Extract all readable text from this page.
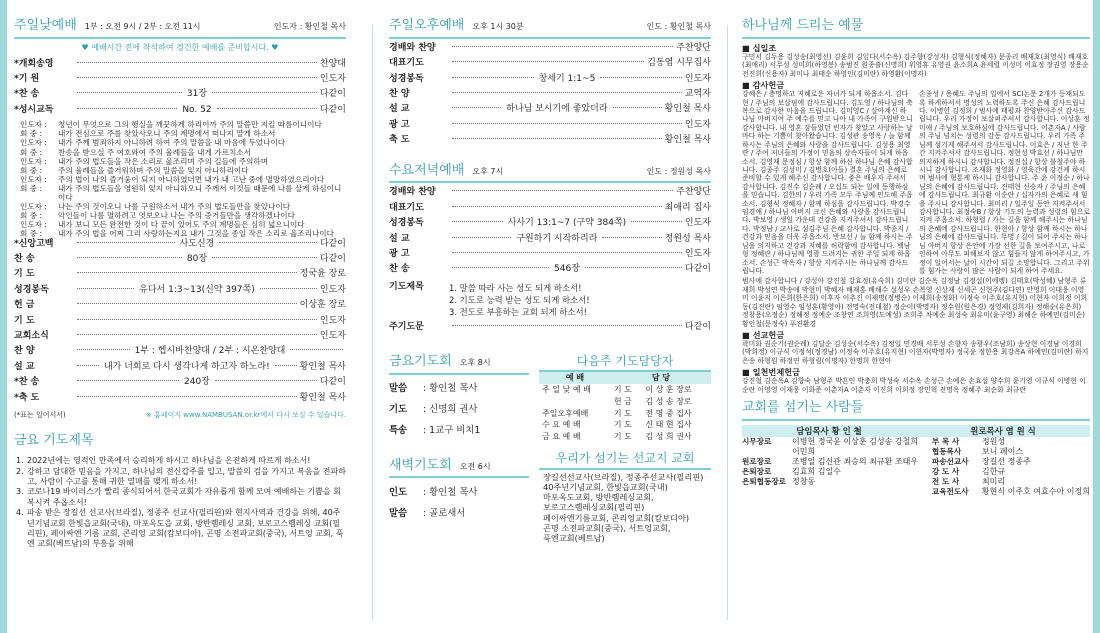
주일낮예배 1부 : 오전 9시 / 2부 : 오전 11시	인도자 : 황인철 목사
♥ 예배시간 전에 착석하여 경건한 예배를 준비합시다. ♥
*개회송영	찬양대
*기 원	인도자
*찬 송	31장	다같이
*성시교독	No. 52	다같이

인도자 :	청년이 무엇으로 그의 행실을 깨끗하게 하리이까 주의 말씀만 지킬 따름이니이다

회 중 :	내가 전심으로 주를 찾았사오니 주의 계명에서 떠나지 말게 하소서

인도자 :	내가 주께 범죄하지 아니하려 하여 주의 말씀을 내 마음에 두었나이다

회 중 :	찬송을 받으실 주 여호와여 주의 율례들을 내게 가르치소서

인도자 :	내가 주의 법도들을 작은 소리로 읊조리며 주의 길들에 주의하며

회 중 :	주의 율례들을 즐거워하며 주의 말씀을 잊지 아니하리이다

인도자 :	주의 법이 나의 즐거움이 되지 아니하였더면 내가 내 고난 중에 멸망하였으리이다

회 중 :	내가 주의 법도들을 영원히 잊지 아니하오니 주께서 이것들 때문에 나를 살게 하심이니이다

인도자 :	나는 주의 것이오니 나를 구원하소서 내가 주의 법도들만을 찾았나이다

회 중 :	악인들이 나를 멸하려고 엿보오나 나는 주의 증거들만을 생각하겠나이다

인도자 :	내가 보니 모든 완전한 것이 다 끝이 있어도 주의 계명들은 심히 넓으니이다

회 중 :	내가 주의 법을 어찌 그리 사랑하는지요 내가 그것을 종일 작은 소리로 읊조리나이다

*신앙고백	사도신경	다같이
찬 송	80장	다같이
기 도	정국윤 장로
성경봉독	유다서 1:3~13(신약 397쪽)	인도자
헌 금	이상훈 장로
기 도	인도자
교회소식	인도자
찬 양	1부 : 헵시바찬양대 / 2부 : 시온찬양대
설 교	내가 너희로 다시 생각나게 하고자 하노라!	황인철 목사
*찬 송	240장	다같이
*축 도	황인철 목사
(*표는 일어서서)	※ 홈페이지 www.NAMBUSAN.or.kr에서 다시 보실 수 있습니다.
금요 기도제목
1. 2022년에는 영적인 만족에서 승리하게 하시고 하나님을 온전하게 따르게 하소서!
2. 강하고 담대한 믿음을 가지고, 하나님의 전신갑주를 입고, 말씀의 검을 가지고 복음을 전파하고, 사람이 수고를 통해 귀한 열매를 맺게 하소서!
3. 코로나19 바이러스가 빨리 종식되어서 한국교회가 자유롭게 함께 모여 예배하는 기쁨을 회복시켜 주옵소서!
4. 파송 받은 장길선 선교사(브라질), 정종주 선교사(필리핀)와 현지사역과 건강을 위해, 40주년기념교회 한빛읍교회(국내), 마포옥도읍 교회, 방반롐레싱 교회, 보로고스롐레싱 교회(필리핀), 페이싸엔 기름 교회, 콘리엉 교회(캄보디아), 곤명 소전파교회(중국), 서트엉 교회, 푹엔 교회(베트남)의 부흥을 위해
주일오후예배 오후 1시 30분	인도 : 황인철 목사
경배와 찬양	주찬양단
대표기도	김동엽 시무집사
성경봉독	창세기 1:1~5	인도자
찬 양	교역자
설 교	하나님 보시기에 좋았더라	황인철 목사
광 고	인도자
축 도	황인철 목사
수요저녁예배 오후 7시	인도 : 정원성 목사
경배와 찬양	주찬양단
대표기도	최애리 집사
성경봉독	사사기 13:1~7 (구약 384쪽)	인도자
설 교	구원하기 시작하리라	정원성 목사
광 고	인도자
찬 송	546장	다같이
기도제목	1. 말씀 따라 사는 성도 되게 하소서!
2. 기도로 능력 받는 성도 되게 하소서!
3. 전도로 부흥하는 교회 되게 하소서!
주기도문	다같이
금요기도회 오후 8시
말씀	: 황인철 목사
기도	: 신명희 권사
특송	: 1교구 비치1
새벽기도회 오전 6시
인도	: 황인철 목사
말씀	: 골로새서
다음주 기도담당자
예 배	담 당	
주 일 낮 예 배	기 도	이 상 훈 장로
	헌 금	김 성 송 장로
주일오후예배	기 도	전 명 중 집사
수 요 예 배	기 도	신 태 현 집사
금 요 예 배	기 도	김 성 희 권사
우리가 섬기는 선교지 교회
장길선선교사(브라질), 정종주선교사(필리핀)
40주년기념교회, 한빛읍교회(국내)
마포옥도교회, 방반롐레싱교회,
보로고스롐레싱교회(필리핀)
페이싸엔기름교회, 콘리엉교회(캄보디아)
곤명 소전파교회(중국), 서트엉교회,
푹엔교회(베트남)
하나님께 드리는 예물
■ 십일조
구민서 김두용 김성송(최영선) 김윤희 김잎다(서수옥) 김주향(강성자) 김형식(정혜자) 문종리 배재호(최영식) 배재호(최애리) 서무성 성미희(하영봉) 송범진 원종출(신명희) 위영휴 유영권 윤소희A 윤세렬 이성미 이효정 장권영 장용순 전진희(신용자) 최미나 최태순 하영인(김미란) 하영환(이명자)
■ 감사헌금
강혜은 / 충명하고 지혜로운 자녀가 되게 하옵소서. 김다현 / 주님의 보살핌에 감사드립니다. 김도영 / 하나님의 축복으로 감사한 마음을 드립니다. 김미영C / 살아계신 하나님 아버지여 주 예수를 믿고 나아 내 가족이 구원받으니 감사합니다. 내 영혼 잠들었던 빈자가 찾았고 사랑하는 날마다 하는 기쁨이 찾아왔습니다. 김성관 송영옥 / 늘 함께 하시는 주님의 은혜와 사랑을 감사드립니다. 김성용 최영란 / 주여 저녀들의 가정이 믿음의 상속자들이 되게 하옵소서. 김영재 문정심 / 항상 함께 하신 하나님 은혜 감사합니다. 김종주 김성미 / 김병호(아들) 결혼 주님의 은혜로 준비할 수 있게 해주신 감사합니다. 좋은 배우자 주셔서 감사합니다. 김진수 김순례 / 오십도 되는 일에 동행하심을 믿습니다. 김한의 / 우리 가족 모두 주님께 인도해 주옵소서. 김형식 정혜자 / 함께 하심을 감사드립니다. 박경수 임경애 / 하나님 아버지 크신 은혜와 사랑을 감사드립니다. 박보영 / 생일 가운데 건강을 지켜주셔서 감사드립니다. 박정남 / 교사로 섬김주님 은혜 감사합니다. 박종지 / 건강과 믿음을 더욱 주옵소서. 반묘선 / 늘 함께 하시는 주님을 의지하고 건강과 지혜를 허락함에 감사합니다. 백남형 정혜란 / 하나님께 영광 드려지는 귀한 주일 되게 하옵소서. 손성근 박옥자 / 항상 지켜주시는 하나님께 감사드립니다.
손종성 / 용혜도 주님의 일에서 SCI논문 2개가 등재되도록 하게하셔서 명성의 노력하도록 주신 은혜 감사드립니다. 이병헌 김정희 / 범사에 태평과 찬양받아주신 감사드립니다. 우리 가정이 보살펴주셔서 감사합니다. 이상훈 정미애 / 주님의 보호하심에 감사드립니다. 이춘자A / 사람의 주님 넘치는 성령의 감동 감사드립니다. 우리 가족 주님께 섬기게 해주셔서 감사드립니다. 이효은 / 지난 한 주간 지켜주셔서 감사드립니다. 정현성 박효선 / 하나님만 의지하게 하시니 감사합니다. 정진섭 / 항상 불철주야 하시니 감사합니다. 조재화 정영화 / 영육간에 강건케 하시며 범사에 형통케 하시니 감사합니다. 주 윤 이정순 / 하나님의 은혜에 감사드립니다. 진태현 신승자 / 주님의 은혜에 감사드립니다. 최규환 이순란 / 십자가의 은혜로 새 힘을 주시니 감사합니다. 최미리 / 일주일 동안 지켜주셔서 감사합니다. 최정숙B / 항상 기도의 능력과 성령의 힘으로 지켜 주옵소서. 하형렬 / 가는 길을 함께 해주시는 하나님의 은혜에 감사드립니다. 한현아 / 항상 함께 하시는 하나님의 은혜에 감사드립니다. 무명 / 길이 되어 주시는 하나님 아버지 항상 은안에 가장 선한 길을 보여주시고, 나로 인하여 아무도 피해보지 않고 힘들지 않게 하여주시고, 가정이 일어서는 날이 시간이 되길 소망합니다. 그리고 주위를 힘가는 사랑이 많은 사람이 되게 하여 주세요.
범사에 감사합니다 / 강성아 강진철 강효정(유숙희) 김미란 김순옥 김정남 김정섭(이에렝) 김태호(박성혜) 남형주 류재희 박성연 박송애 박현미 박혜자 배재홍 배해수 설성우 손복영 신상재 신세곤 신현주(김다연) 안영희 이대웅 이영미 이윤지 이은희(한은희) 이후자 이추진 이제명(정병순) 이제희(송정화) 이정숙 이주호(유지현) 이현자 이희정 이희동(김진란) 임영수 임성훈(황영아) 전명숙(전대철) 정순이(박명자) 정수원(원은경) 정영제(김희자) 정해순(유은희) 정창용(오정순) 정해정 정예순 조창연 조희영(도예성) 조희주 차예순 최성숙 최유미(윤구영) 최해순 하예민(김미순) 황인철(문정숙) 푸젼환경
■ 선교헌금
곽미화 권순기(권순례) 김달순 김성순(서수옥) 김정일 민경배 서무성 손향자 송광우(조남희) 송상현 이경남 이경희(박희정) 이규식 이정석(정경남) 이정숙 이주호(유지현) 이현자(박명자) 정국윤 정한용 최강옥A 하예민(김미란) 하지은송 하형원 하정연 하형림(이명자) 한명희 한현아
■ 일천번제헌금
강진철 김순옥A 김향숙 남형주 박흔인 박충희 박성숙 서수옥 손성근 손예은 손효섭 양수희 윤기영 이규식 이병현 이순란 이영영 이재웅 이화준 이춘자A 이춘자 이진희 이희정 장민혁 전명옥 정혜주 최순화 최규란
교회를 섬기는 사람들
담임목사 황 인 철	원로목사 염 원 식
시무장로	이병헌 정국윤 이상훈 김성송 강철희 이민희
원로장로	조병일 김신관 최승의 최규환 조태우
은퇴장로	김효희 김일수
은퇴협동장로 정창동
부 목 사	정원성
협동목사	보니 페이스
파송선교사	장길선 정종주
강 도 사	김한규
전 도 사	최미리
교육전도사	황현식 이주호 여효수아 이정희
